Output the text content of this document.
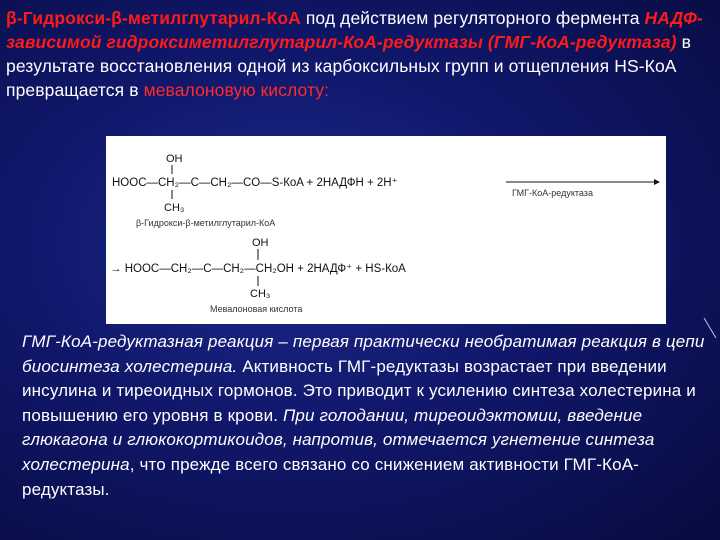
β-Гидрокси-β-метилглутарил-КоА под действием регуляторного фермента НАДФ-зависимой гидроксиметилглутарил-КоА-редуктазы (ГМГ-КоА-редуктаза) в результате восстановления одной из карбоксильных групп и отщепления HS-КоА превращается в мевалоновую кислоту:
OH
HOOC—CH₂—C—CH₂—CO—S-КoA + 2НАДФН + 2H⁺
CH₃
ГМГ-КоА-редуктаза
β-Гидрокси-β-метилглутарил-КоА
OH
→ HOOC—CH₂—C—CH₂—CH₂OH + 2НАДФ⁺ + HS-КoA
CH₃
Мевалоновая кислота
ГМГ-КоА-редуктазная реакция – первая практически необратимая реакция в цепи биосинтеза холестерина. Активность ГМГ-редуктазы возрастает при введении инсулина и тиреоидных гормонов. Это приводит к усилению синтеза холестерина и повышению его уровня в крови. При голодании, тиреоидэктомии, введение глюкагона и глюкокортикоидов, напротив, отмечается угнетение синтеза холестерина, что прежде всего связано со снижением активности ГМГ-КоА-редуктазы.
